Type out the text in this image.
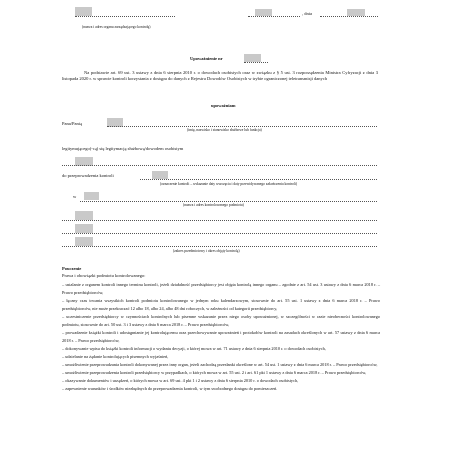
(nazwa i adres organu zarządzającego kontrolę)
, dnia
Upoważnienie nr
Na podstawie art. 69 ust. 3 ustawy z dnia 6 sierpnia 2010 r. o dowodach osobistych oraz w związku z § 5 ust. 3 rozporządzenia Ministra Cyfryzacji z dnia 3 listopada 2020 r. w sprawie kontroli korzystania z dostępu do danych z Rejestru Dowodów Osobistych w trybie ograniczonej teletransmisji danych
upoważniam
Pana/Panią
(imię, nazwisko i stanowisko służbowe lub funkcja)
legitymującego(-cą) się legitymacją służbową/dowodem osobistym
do przeprowadzenia kontroli
(oznaczenie kontroli – wskazanie daty wszczęcia i daty przewidywanego zakończenia kontroli)
w
(nazwa i adres kontrolowanego podmiotu)
(zakres przedmiotowy i okres objęty kontrolą)
Pouczenie
Prawa i obowiązki podmiotu kontrolowanego:
– ustalanie z organem kontroli innego terminu kontroli, jeżeli działalność przedsiębiorcy jest objęta kontrolą innego organu – zgodnie z art. 54 ust. 3 ustawy z dnia 6 marca 2018 r. – Prawo przedsiębiorców,
– łączny czas trwania wszystkich kontroli podmiotu kontrolowanego w jednym roku kalendarzowym, stosownie do art. 55 ust. 1 ustawy z dnia 6 marca 2018 r. – Prawo przedsiębiorców, nie może przekraczać 12 albo 18, albo 24, albo 48 dni roboczych, w zależności od kategorii przedsiębiorcy,
– uczestniczenie przedsiębiorcy w czynnościach kontrolnych lub pisemne wskazanie przez niego osoby upoważnionej, w szczególności w razie nieobecności kontrolowanego podmiotu, stosownie do art. 50 ust. 3 i 3 ustawy z dnia 6 marca 2018 r. – Prawo przedsiębiorców,
– prowadzenie książki kontroli i udostępnianie jej kontrolującemu oraz przechowywanie upoważnień i protokołów kontroli na zasadach określonych w art. 57 ustawy z dnia 6 marca 2018 r. – Prawo przedsiębiorców,
– dokonywanie wpisu do książki kontroli informacji o wydaniu decyzji, o której mowa w art. 71 ustawy z dnia 6 sierpnia 2010 r. o dowodach osobistych,
– udzielanie na żądanie kontrolujących pisemnych wyjaśnień,
– umożliwienie przeprowadzania kontroli dokonywanej przez inny organ, jeżeli zachodzą przesłanki określone w art. 54 ust. 1 ustawy z dnia 6 marca 2018 r. – Prawo przedsiębiorców,
– umożliwienie przeprowadzenia kontroli przedsiębiorcy w przypadkach, o których mowa w art. 55 ust. 2 i art. 61 pkt 1 ustawy z dnia 6 marca 2018 r. – Prawo przedsiębiorców,
– okazywanie dokumentów i urządzeń, o których mowa w art. 69 ust. 4 pkt 1 i 2 ustawy z dnia 6 sierpnia 2010 r. o dowodach osobistych,
– zapewnienie warunków i środków niezbędnych do przeprowadzenia kontroli, w tym swobodnego dostępu do pomieszczeń.
